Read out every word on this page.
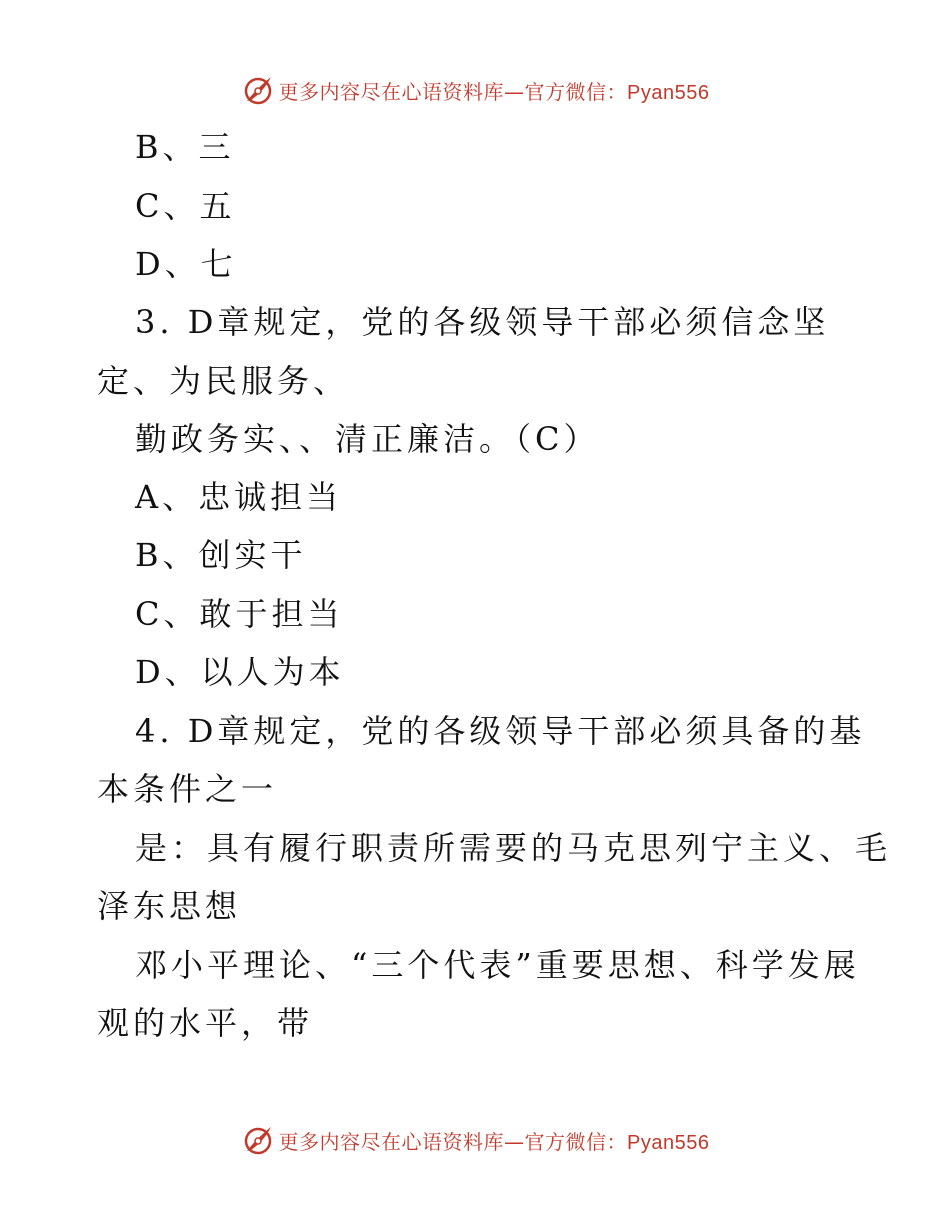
更多内容尽在心语资料库—官方微信：Pyan556
B、三
C、五
D、七
3. D章规定，党的各级领导干部必须信念坚
定、为民服务、
勤政务实、、清正廉洁。（C）
A、忠诚担当
B、创实干
C、敢于担当
D、以人为本
4. D章规定，党的各级领导干部必须具备的基
本条件之一
是：具有履行职责所需要的马克思列宁主义、毛
泽东思想
邓小平理论、“三个代表”重要思想、科学发展
观的水平，带
更多内容尽在心语资料库—官方微信：Pyan556
